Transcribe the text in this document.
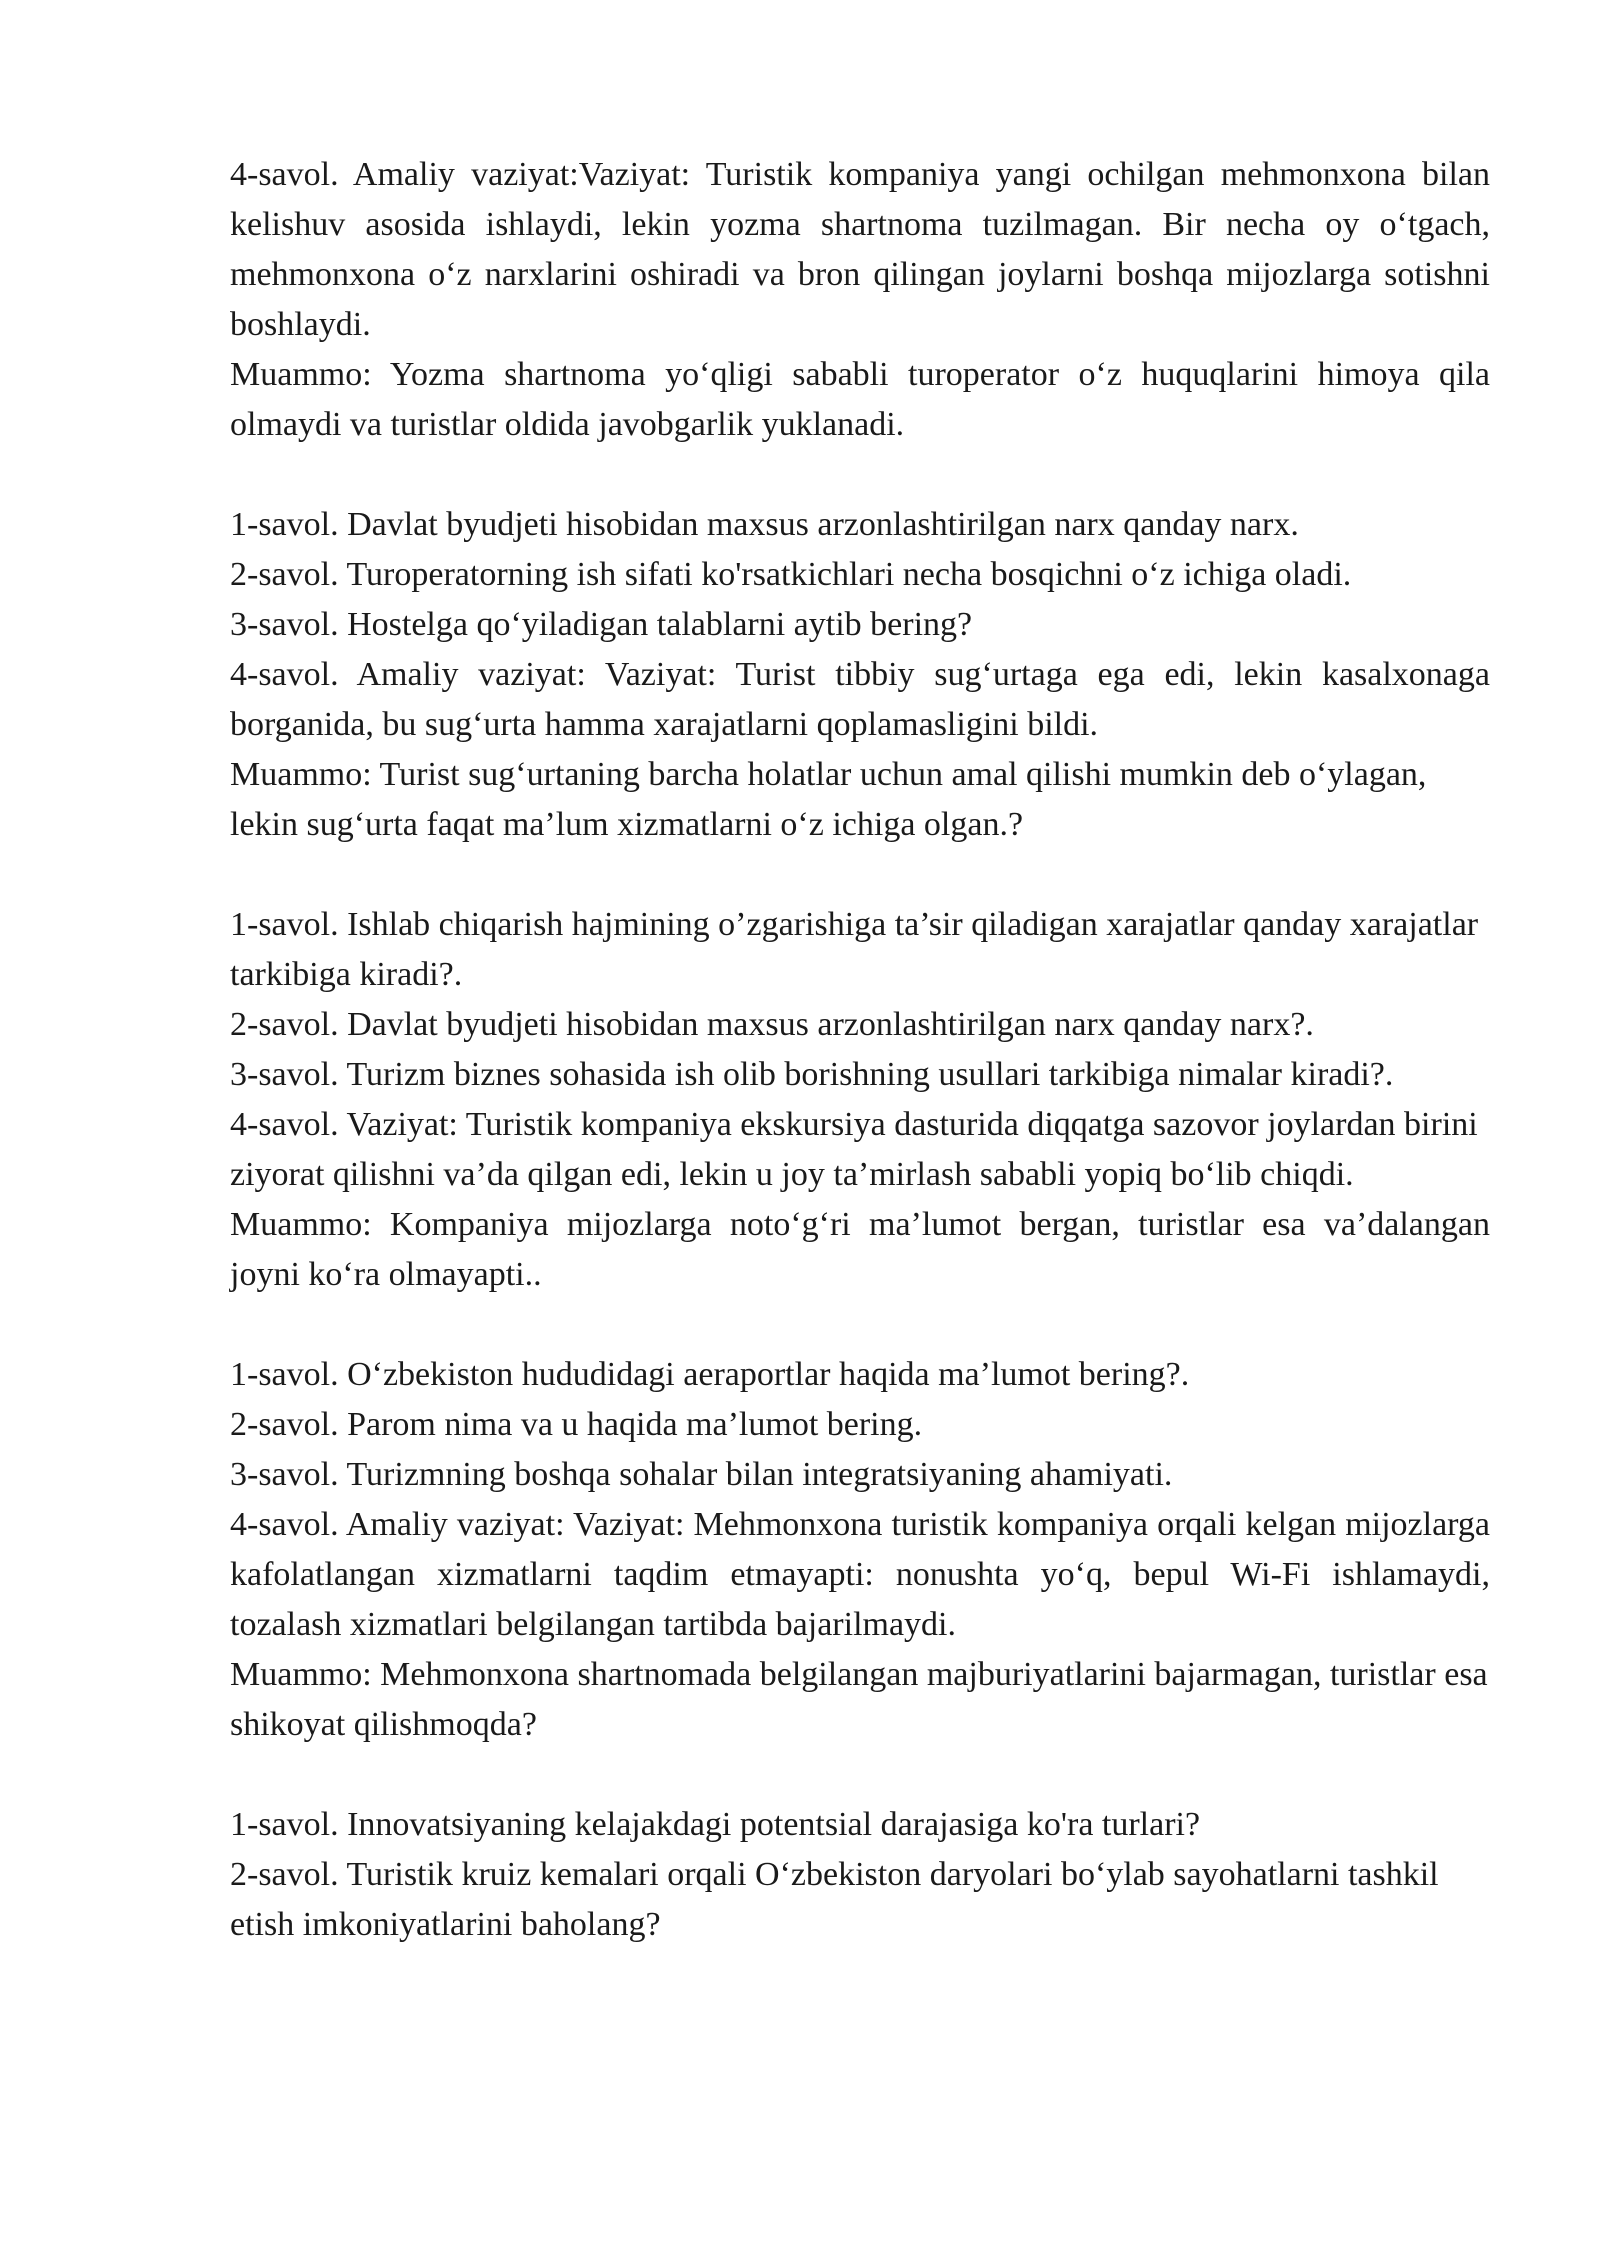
4-savol. Amaliy vaziyat:Vaziyat: Turistik kompaniya yangi ochilgan mehmonxona bilan kelishuv asosida ishlaydi, lekin yozma shartnoma tuzilmagan. Bir necha oy o‘tgach, mehmonxona o‘z narxlarini oshiradi va bron qilingan joylarni boshqa mijozlarga sotishni boshlaydi.

Muammo: Yozma shartnoma yo‘qligi sababli turoperator o‘z huquqlarini himoya qila olmaydi va turistlar oldida javobgarlik yuklanadi.

1-savol. Davlat byudjeti hisobidan maxsus arzonlashtirilgan narx qanday narx.

2-savol. Turoperatorning ish sifati ko'rsatkichlari necha bosqichni o‘z ichiga oladi.

3-savol. Hostelga qo‘yiladigan talablarni aytib bering?

4-savol. Amaliy vaziyat: Vaziyat: Turist tibbiy sug‘urtaga ega edi, lekin kasalxonaga borganida, bu sug‘urta hamma xarajatlarni qoplamasligini bildi.

Muammo: Turist sug‘urtaning barcha holatlar uchun amal qilishi mumkin deb o‘ylagan, lekin sug‘urta faqat ma’lum xizmatlarni o‘z ichiga olgan.?

1-savol. Ishlab chiqarish hajmining o’zgarishiga ta’sir qiladigan xarajatlar qanday xarajatlar tarkibiga kiradi?.

2-savol. Davlat byudjeti hisobidan maxsus arzonlashtirilgan narx qanday narx?.

3-savol. Turizm biznes sohasida ish olib borishning usullari tarkibiga nimalar kiradi?.

4-savol. Vaziyat: Turistik kompaniya ekskursiya dasturida diqqatga sazovor joylardan birini ziyorat qilishni va’da qilgan edi, lekin u joy ta’mirlash sababli yopiq bo‘lib chiqdi.

Muammo: Kompaniya mijozlarga noto‘g‘ri ma’lumot bergan, turistlar esa va’dalangan joyni ko‘ra olmayapti..

1-savol. O‘zbekiston hududidagi aeraportlar haqida ma’lumot bering?.

2-savol. Parom nima va u haqida ma’lumot bering.

3-savol. Turizmning boshqa sohalar bilan integratsiyaning ahamiyati.

4-savol. Amaliy vaziyat: Vaziyat: Mehmonxona turistik kompaniya orqali kelgan mijozlarga kafolatlangan xizmatlarni taqdim etmayapti: nonushta yo‘q, bepul Wi-Fi ishlamaydi, tozalash xizmatlari belgilangan tartibda bajarilmaydi.

Muammo: Mehmonxona shartnomada belgilangan majburiyatlarini bajarmagan, turistlar esa shikoyat qilishmoqda?

1-savol. Innovatsiyaning kelajakdagi potentsial darajasiga ko'ra turlari?

2-savol. Turistik kruiz kemalari orqali O‘zbekiston daryolari bo‘ylab sayohatlarni tashkil etish imkoniyatlarini baholang?
